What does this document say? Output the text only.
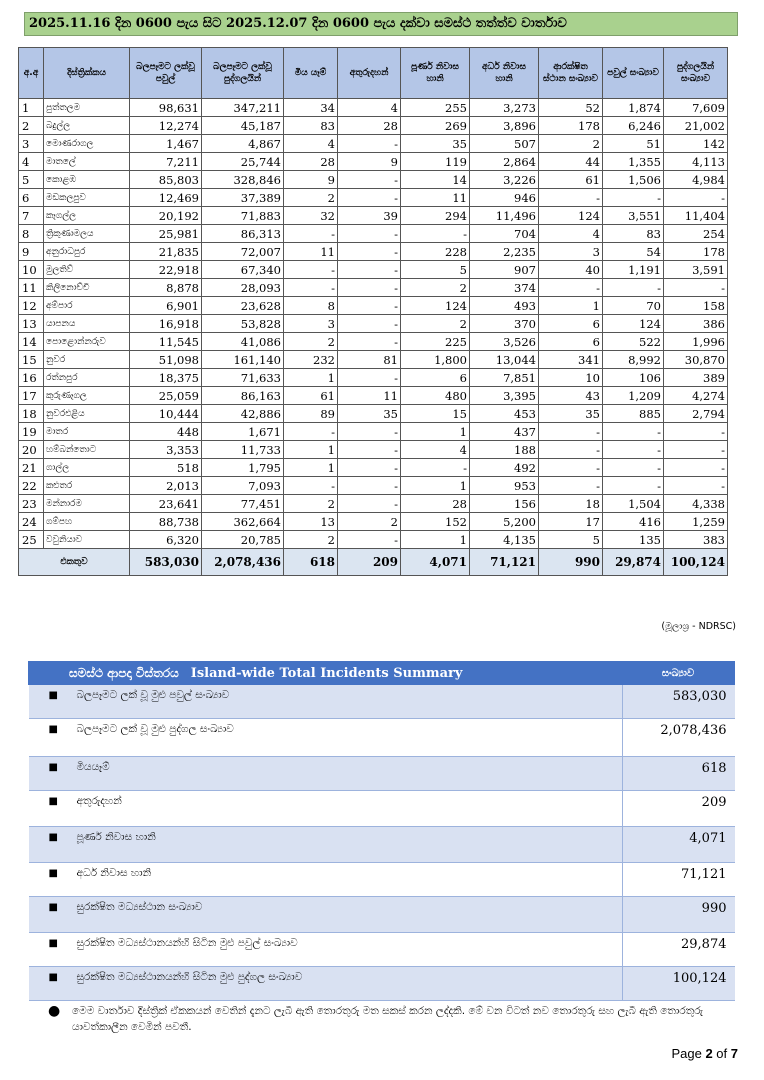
2025.11.16 දින 0600 පැය සිට 2025.12.07 දින 0600 පැය දක්වා සමස්ථ තත්ත්ව වාර්තාව
අ.අ	දිස්ත්‍රික්කය	බලපෑමට ලක්වූ පවුල්	බලපෑමට ලක්වූ පුද්ගලයින්	මිය යෑම්	අතුරුදහන්	පූර්ණ නිවාස හානි	අර්ධ නිවාස හානි	ආරක්ෂිත ස්ථාන සංඛ්‍යාව	පවුල් සංඛ්‍යාව	පුද්ගලයින් සංඛ්‍යාව
1	පුත්තලම	98,631	347,211	34	4	255	3,273	52	1,874	7,609
2	බදුල්ල	12,274	45,187	83	28	269	3,896	178	6,246	21,002
3	මොණරාගල	1,467	4,867	4	-	35	507	2	51	142
4	මාතලේ	7,211	25,744	28	9	119	2,864	44	1,355	4,113
5	කොළඹ	85,803	328,846	9	-	14	3,226	61	1,506	4,984
6	මඩකලපුව	12,469	37,389	2	-	11	946	-	-	-
7	කෑගල්ල	20,192	71,883	32	39	294	11,496	124	3,551	11,404
8	ත්‍රිකුණාමලය	25,981	86,313	-	-	-	704	4	83	254
9	අනුරාධපුර	21,835	72,007	11	-	228	2,235	3	54	178
10	මුලතිව්	22,918	67,340	-	-	5	907	40	1,191	3,591
11	කිලිනොච්චි	8,878	28,093	-	-	2	374	-	-	-
12	අම්පාර	6,901	23,628	8	-	124	493	1	70	158
13	යාපනය	16,918	53,828	3	-	2	370	6	124	386
14	පොළොන්නරුව	11,545	41,086	2	-	225	3,526	6	522	1,996
15	නුවර	51,098	161,140	232	81	1,800	13,044	341	8,992	30,870
16	රත්නපුර	18,375	71,633	1	-	6	7,851	10	106	389
17	කුරුණෑගල	25,059	86,163	61	11	480	3,395	43	1,209	4,274
18	නුවරඑළිය	10,444	42,886	89	35	15	453	35	885	2,794
19	මාතර	448	1,671	-	-	1	437	-	-	-
20	හම්බන්තොට	3,353	11,733	1	-	4	188	-	-	-
21	ගාල්ල	518	1,795	1	-	-	492	-	-	-
22	කළුතර	2,013	7,093	-	-	1	953	-	-	-
23	මන්නාරම	23,641	77,451	2	-	28	156	18	1,504	4,338
24	ගම්පහ	88,738	362,664	13	2	152	5,200	17	416	1,259
25	වවුනියාව	6,320	20,785	2	-	1	4,135	5	135	383
එකතුව		583,030	2,078,436	618	209	4,071	71,121	990	29,874	100,124
(මූලාශ්‍ර - NDRSC)
සමස්ථ ආපදා විස්තරය Island-wide Total Incidents Summary	සංඛ්‍යාව
■ බලපෑමට ලක් වූ මුළු පවුල් සංඛ්‍යාව	583,030
■ බලපෑමට ලක් වූ මුළු පුද්ගල සංඛ්‍යාව	2,078,436
■ මියයෑම්	618
■ අතුරුදහන්	209
■ පූර්ණ නිවාස හානි	4,071
■ අර්ධ නිවාස හානි	71,121
■ සුරක්ෂිත මධ්‍යස්ථාන සංඛ්‍යාව	990
■ සුරක්ෂිත මධ්‍යස්ථානයන්හි සිටින මුළු පවුල් සංඛ්‍යාව	29,874
■ සුරක්ෂිත මධ්‍යස්ථානයන්හි සිටින මුළු පුද්ගල සංඛ්‍යාව	100,124
● මෙම වාර්තාව දිස්ත්‍රික් ඒකකයන් වෙතින් දැනට ලැබී ඇති තොරතුරු මත සකස් කරන ලද්දකි. මේ වන විටත් නව තොරතුරු සහ ලැබී ඇති තොරතුරු යාවත්කාලීන වෙමින් පවතී.
Page 2 of 7
